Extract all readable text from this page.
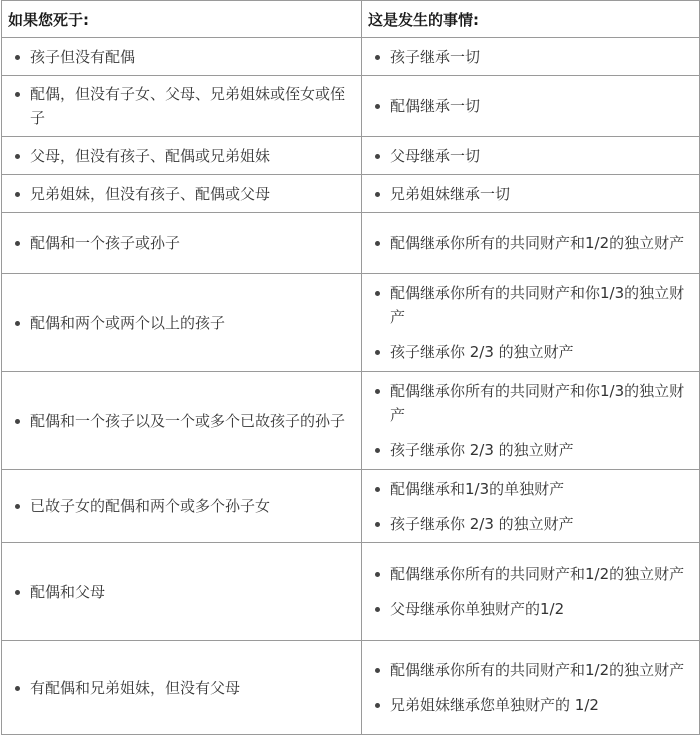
如果您死于:	这是发生的事情:

孩子但没有配偶	孩子继承一切

配偶，但没有子女、父母、兄弟姐妹或侄女或侄子	配偶继承一切

父母，但没有孩子、配偶或兄弟姐妹	父母继承一切

兄弟姐妹，但没有孩子、配偶或父母	兄弟姐妹继承一切

配偶和一个孩子或孙子	配偶继承你所有的共同财产和1/2的独立财产

配偶和两个或两个以上的孩子	配偶继承你所有的共同财产和你1/3的独立财产
孩子继承你 2/3 的独立财产

配偶和一个孩子以及一个或多个已故孩子的孙子	配偶继承你所有的共同财产和你1/3的独立财产
孩子继承你 2/3 的独立财产

已故子女的配偶和两个或多个孙子女	配偶继承和1/3的单独财产
孩子继承你 2/3 的独立财产

配偶和父母	配偶继承你所有的共同财产和1/2的独立财产
父母继承你单独财产的1/2

有配偶和兄弟姐妹，但没有父母	配偶继承你所有的共同财产和1/2的独立财产
兄弟姐妹继承您单独财产的 1/2
